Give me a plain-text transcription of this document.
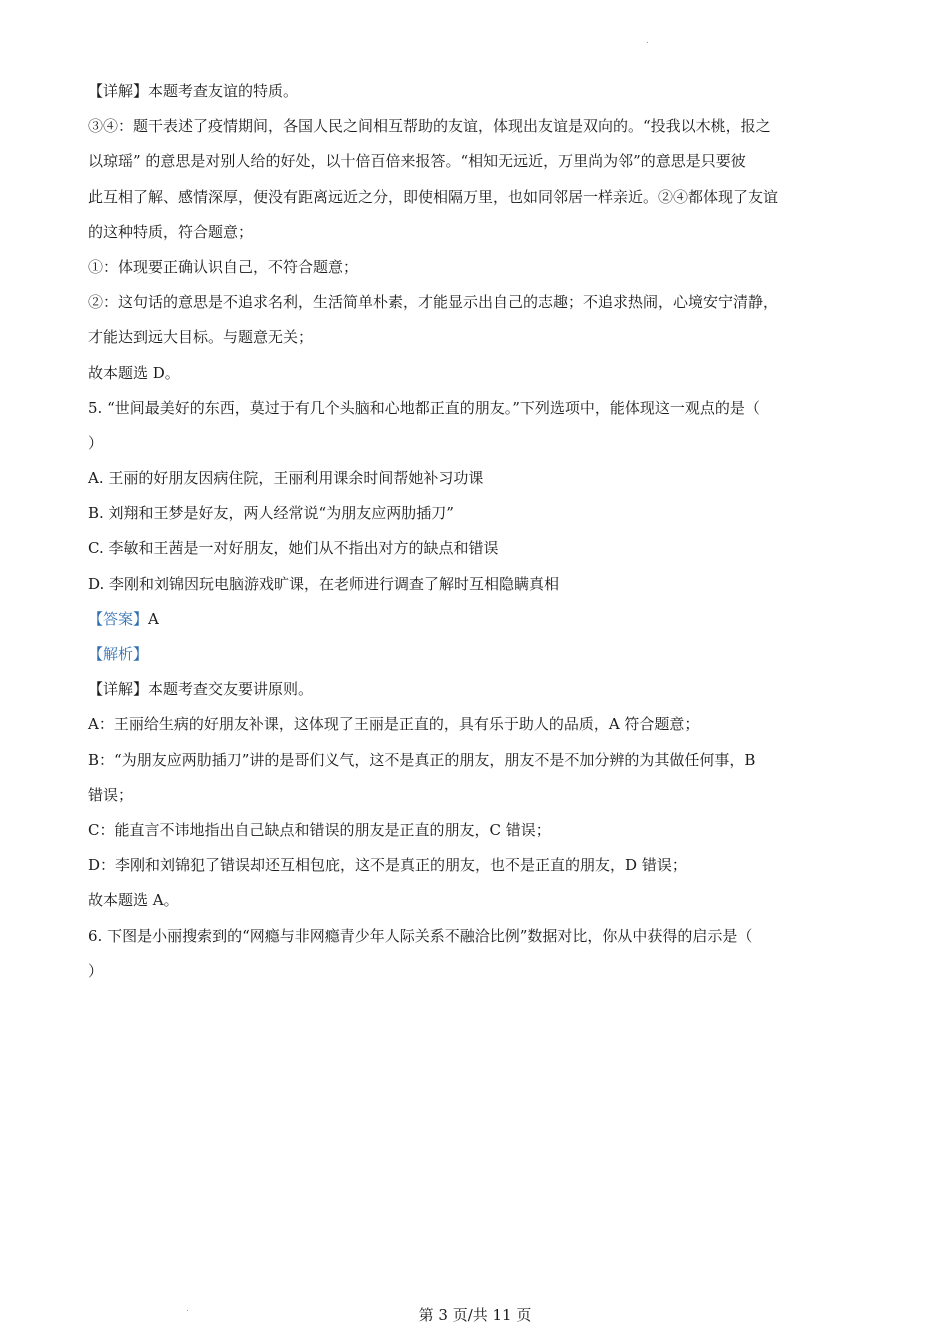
.
【详解】本题考查友谊的特质。
③④：题干表述了疫情期间，各国人民之间相互帮助的友谊，体现出友谊是双向的。“投我以木桃，报之
以琼瑶” 的意思是对别人给的好处，以十倍百倍来报答。“相知无远近，万里尚为邻”的意思是只要彼
此互相了解、感情深厚，便没有距离远近之分，即使相隔万里，也如同邻居一样亲近。②④都体现了友谊
的这种特质，符合题意；
①：体现要正确认识自己，不符合题意；
②：这句话的意思是不追求名利，生活简单朴素，才能显示出自己的志趣；不追求热闹，心境安宁清静，
才能达到远大目标。与题意无关；
故本题选 D。
5. “世间最美好的东西，莫过于有几个头脑和心地都正直的朋友。”下列选项中，能体现这一观点的是（
）
A. 王丽的好朋友因病住院，王丽利用课余时间帮她补习功课
B. 刘翔和王梦是好友，两人经常说“为朋友应两肋插刀”
C. 李敏和王茜是一对好朋友，她们从不指出对方的缺点和错误
D. 李刚和刘锦因玩电脑游戏旷课，在老师进行调查了解时互相隐瞒真相
【答案】A
【解析】
【详解】本题考查交友要讲原则。
A：王丽给生病的好朋友补课，这体现了王丽是正直的，具有乐于助人的品质，A 符合题意；
B：“为朋友应两肋插刀”讲的是哥们义气，这不是真正的朋友，朋友不是不加分辨的为其做任何事，B
错误；
C：能直言不讳地指出自己缺点和错误的朋友是正直的朋友，C 错误；
D：李刚和刘锦犯了错误却还互相包庇，这不是真正的朋友，也不是正直的朋友，D 错误；
故本题选 A。
6. 下图是小丽搜索到的“网瘾与非网瘾青少年人际关系不融洽比例”数据对比，你从中获得的启示是（
）
.	第 3 页/共 11 页
